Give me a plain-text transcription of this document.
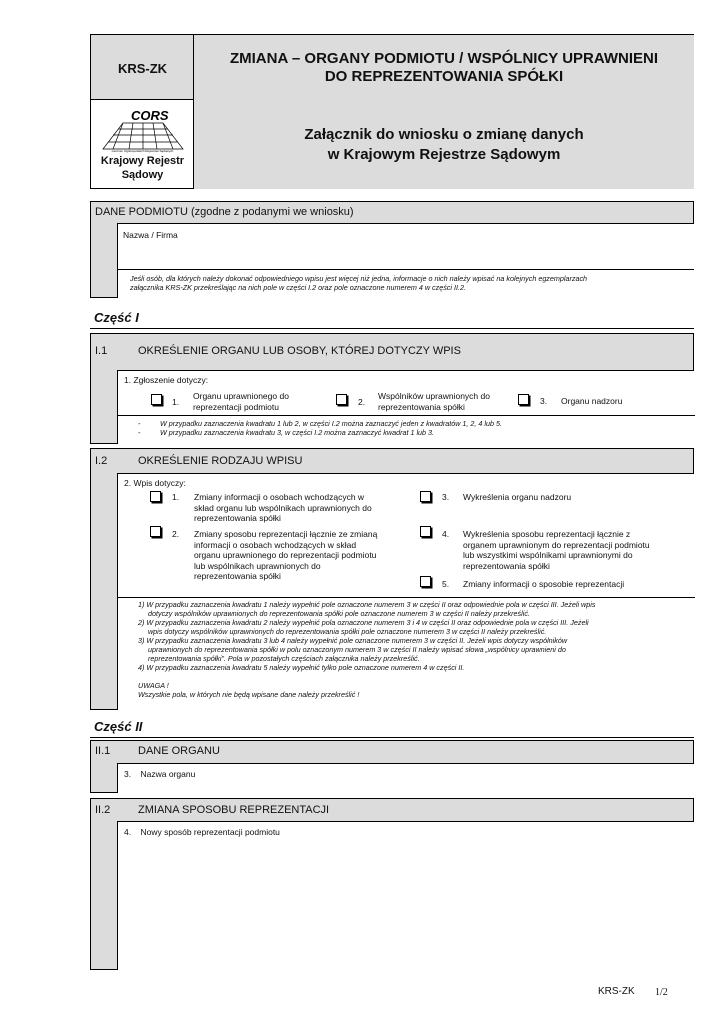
KRS-ZK
CORS
Centrum Ogólnopolskich Rejestrów Sądowych
Krajowy Rejestr
Sądowy
ZMIANA – ORGANY PODMIOTU / WSPÓLNICY UPRAWNIENI
DO REPREZENTOWANIA SPÓŁKI
Załącznik do wniosku o zmianę danych
w Krajowym Rejestrze Sądowym
DANE PODMIOTU (zgodne z podanymi we wniosku)
Nazwa / Firma
Jeśli osób, dla których należy dokonać odpowiedniego wpisu jest więcej niż jedna, informacje o nich należy wpisać na kolejnych egzemplarzach
załącznika KRS-ZK przekreślając na nich pole w części I.2 oraz pole oznaczone numerem 4 w części II.2.
Część I
I.1	OKREŚLENIE ORGANU LUB OSOBY, KTÓREJ DOTYCZY WPIS
1. Zgłoszenie dotyczy:
1.
Organu uprawnionego do
reprezentacji podmiotu	2.
Wspólników uprawnionych do
reprezentowania spółki
3. Organu nadzoru
-	W przypadku zaznaczenia kwadratu 1 lub 2, w części I.2 można zaznaczyć jeden z kwadratów 1, 2, 4 lub 5.
-	W przypadku zaznaczenia kwadratu 3, w części I.2 można zaznaczyć kwadrat 1 lub 3.
I.2	OKREŚLENIE RODZAJU WPISU
2. Wpis dotyczy:
1. Zmiany informacji o osobach wchodzących w
skład organu lub wspólnikach uprawnionych do
reprezentowania spółki
2. Zmiany sposobu reprezentacji łącznie ze zmianą
informacji o osobach wchodzących w skład
organu uprawnionego do reprezentacji podmiotu
lub wspólnikach uprawnionych do
reprezentowania spółki
3. Wykreślenia organu nadzoru
4. Wykreślenia sposobu reprezentacji łącznie z
organem uprawnionym do reprezentacji podmiotu
lub wszystkimi wspólnikami uprawnionymi do
reprezentowania spółki
5. Zmiany informacji o sposobie reprezentacji
1) W przypadku zaznaczenia kwadratu 1 należy wypełnić pole oznaczone numerem 3 w części II oraz odpowiednie pola w części III. Jeżeli wpis
dotyczy wspólników uprawnionych do reprezentowania spółki pole oznaczone numerem 3 w części II należy przekreślić.
2) W przypadku zaznaczenia kwadratu 2 należy wypełnić pola oznaczone numerem 3 i 4 w części II oraz odpowiednie pola w części III. Jeżeli
wpis dotyczy wspólników uprawnionych do reprezentowania spółki pole oznaczone numerem 3 w części II należy przekreślić.
3) W przypadku zaznaczenia kwadratu 3 lub 4 należy wypełnić pole oznaczone numerem 3 w części II. Jeżeli wpis dotyczy wspólników
uprawnionych do reprezentowania spółki w polu oznaczonym numerem 3 w części II należy wpisać słowa „wspólnicy uprawnieni do
reprezentowania spółki”. Pola w pozostałych częściach załącznika należy przekreślić.
4) W przypadku zaznaczenia kwadratu 5 należy wypełnić tylko pole oznaczone numerem 4 w części II.
UWAGA !
Wszystkie pola, w których nie będą wpisane dane należy przekreślić !
Część II
II.1	DANE ORGANU
3.    Nazwa organu
II.2	ZMIANA SPOSOBU REPREZENTACJI
4.    Nowy sposób reprezentacji podmiotu
KRS-ZK 1/2
